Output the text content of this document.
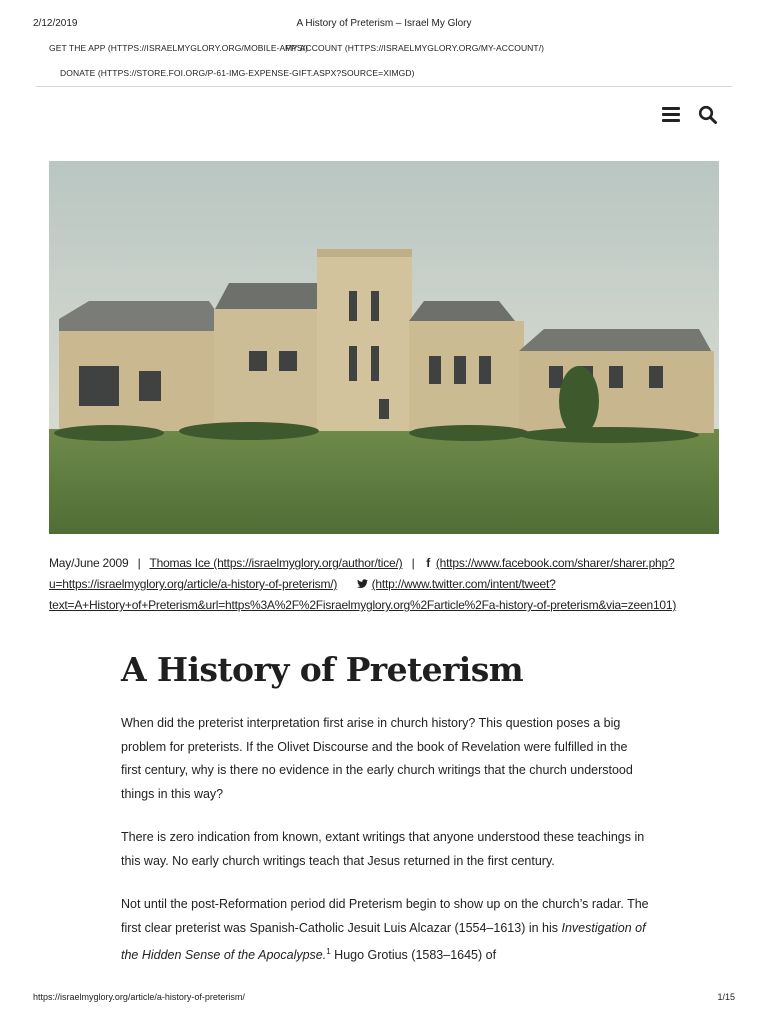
2/12/2019	A History of Preterism – Israel My Glory
GET THE APP (HTTPS://ISRAELMYGLORY.ORG/MOBILE-APPS/)
MY ACCOUNT (HTTPS://ISRAELMYGLORY.ORG/MY-ACCOUNT/)
DONATE (HTTPS://STORE.FOI.ORG/P-61-IMG-EXPENSE-GIFT.ASPX?SOURCE=XIMGD)
May/June 2009 | Thomas Ice (https://israelmyglory.org/author/tice/) | f (https://www.facebook.com/sharer/sharer.php?
u=https://israelmyglory.org/article/a-history-of-preterism/)	(http://www.twitter.com/intent/tweet?
text=A+History+of+Preterism&url=https%3A%2F%2Fisraelmyglory.org%2Farticle%2Fa-history-of-preterism&via=zeen101)
A History of Preterism

When did the preterist interpretation first arise in church history? This question poses a big problem for preterists. If the Olivet Discourse and the book of Revelation were fulfilled in the first century, why is there no evidence in the early church writings that the church understood things in this way?

There is zero indication from known, extant writings that anyone understood these teachings in this way. No early church writings teach that Jesus returned in the first century.

Not until the post-Reformation period did Preterism begin to show up on the church’s radar. The first clear preterist was Spanish-Catholic Jesuit Luis Alcazar (1554–1613) in his Investigation of the Hidden Sense of the Apocalypse.$^1$ Hugo Grotius (1583–1645) of

https://israelmyglory.org/article/a-history-of-preterism/	1/15
